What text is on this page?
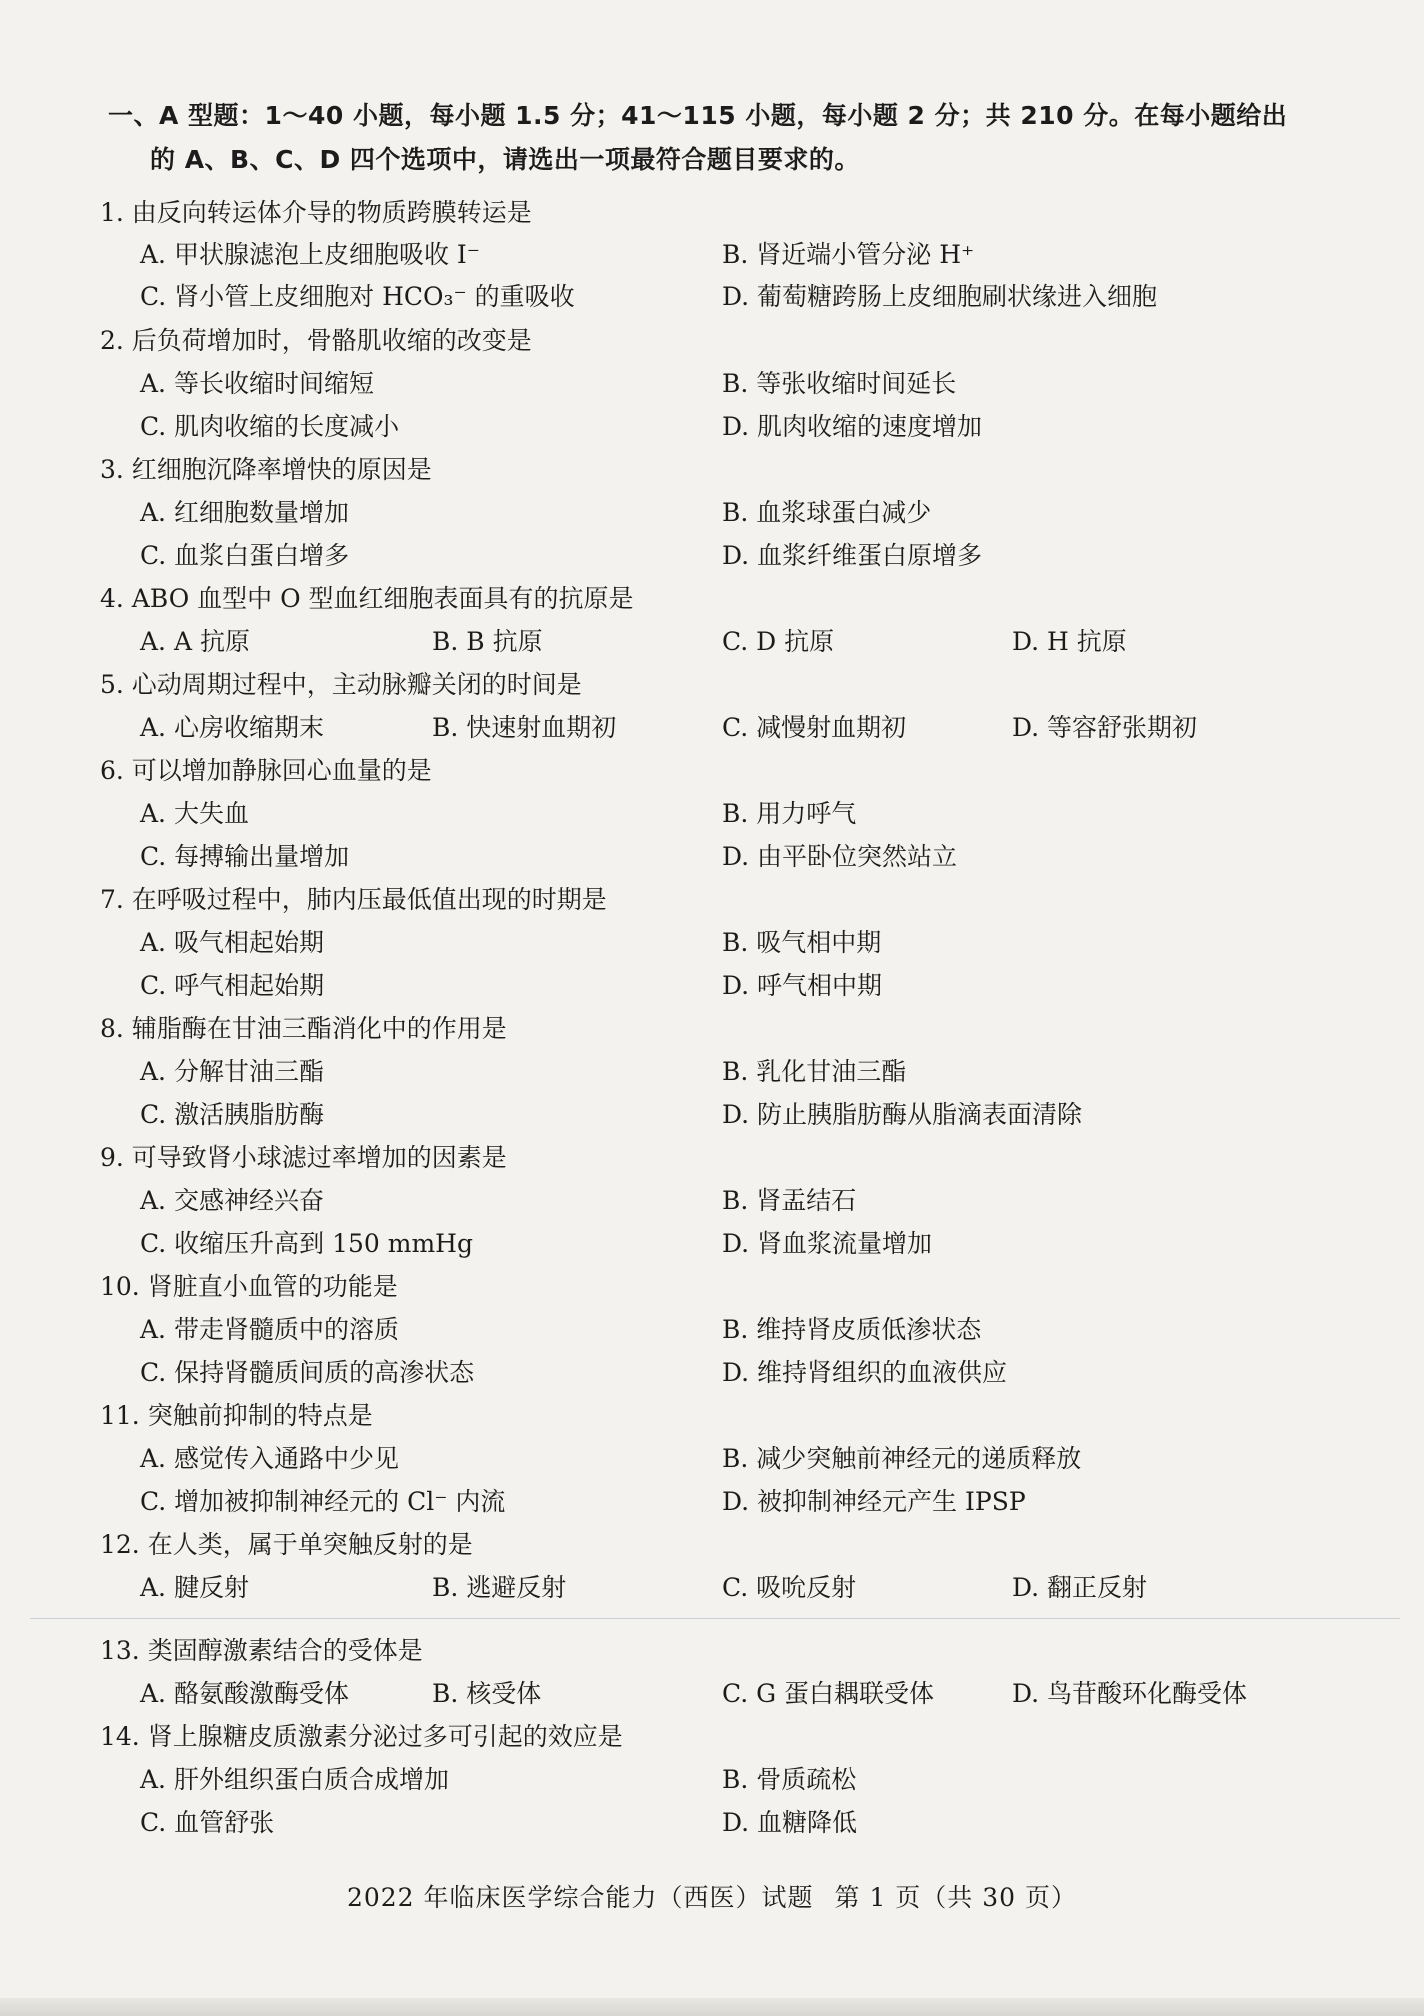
一、A 型题：1～40 小题，每小题 1.5 分；41～115 小题，每小题 2 分；共 210 分。在每小题给出
的 A、B、C、D 四个选项中，请选出一项最符合题目要求的。
1. 由反向转运体介导的物质跨膜转运是
A. 甲状腺滤泡上皮细胞吸收 I⁻	B. 肾近端小管分泌 H⁺
C. 肾小管上皮细胞对 HCO₃⁻ 的重吸收	D. 葡萄糖跨肠上皮细胞刷状缘进入细胞
2. 后负荷增加时，骨骼肌收缩的改变是
A. 等长收缩时间缩短	B. 等张收缩时间延长
C. 肌肉收缩的长度减小	D. 肌肉收缩的速度增加
3. 红细胞沉降率增快的原因是
A. 红细胞数量增加	B. 血浆球蛋白减少
C. 血浆白蛋白增多	D. 血浆纤维蛋白原增多
4. ABO 血型中 O 型血红细胞表面具有的抗原是
A. A 抗原	B. B 抗原	C. D 抗原	D. H 抗原
5. 心动周期过程中，主动脉瓣关闭的时间是
A. 心房收缩期末	B. 快速射血期初	C. 减慢射血期初	D. 等容舒张期初
6. 可以增加静脉回心血量的是
A. 大失血	B. 用力呼气
C. 每搏输出量增加	D. 由平卧位突然站立
7. 在呼吸过程中，肺内压最低值出现的时期是
A. 吸气相起始期	B. 吸气相中期
C. 呼气相起始期	D. 呼气相中期
8. 辅脂酶在甘油三酯消化中的作用是
A. 分解甘油三酯	B. 乳化甘油三酯
C. 激活胰脂肪酶	D. 防止胰脂肪酶从脂滴表面清除
9. 可导致肾小球滤过率增加的因素是
A. 交感神经兴奋	B. 肾盂结石
C. 收缩压升高到 150 mmHg	D. 肾血浆流量增加
10. 肾脏直小血管的功能是
A. 带走肾髓质中的溶质	B. 维持肾皮质低渗状态
C. 保持肾髓质间质的高渗状态	D. 维持肾组织的血液供应
11. 突触前抑制的特点是
A. 感觉传入通路中少见	B. 减少突触前神经元的递质释放
C. 增加被抑制神经元的 Cl⁻ 内流	D. 被抑制神经元产生 IPSP
12. 在人类，属于单突触反射的是
A. 腱反射	B. 逃避反射	C. 吸吮反射	D. 翻正反射
13. 类固醇激素结合的受体是
A. 酪氨酸激酶受体	B. 核受体	C. G 蛋白耦联受体	D. 鸟苷酸环化酶受体
14. 肾上腺糖皮质激素分泌过多可引起的效应是
A. 肝外组织蛋白质合成增加	B. 骨质疏松
C. 血管舒张	D. 血糖降低
2022 年临床医学综合能力（西医）试题 第 1 页（共 30 页）
